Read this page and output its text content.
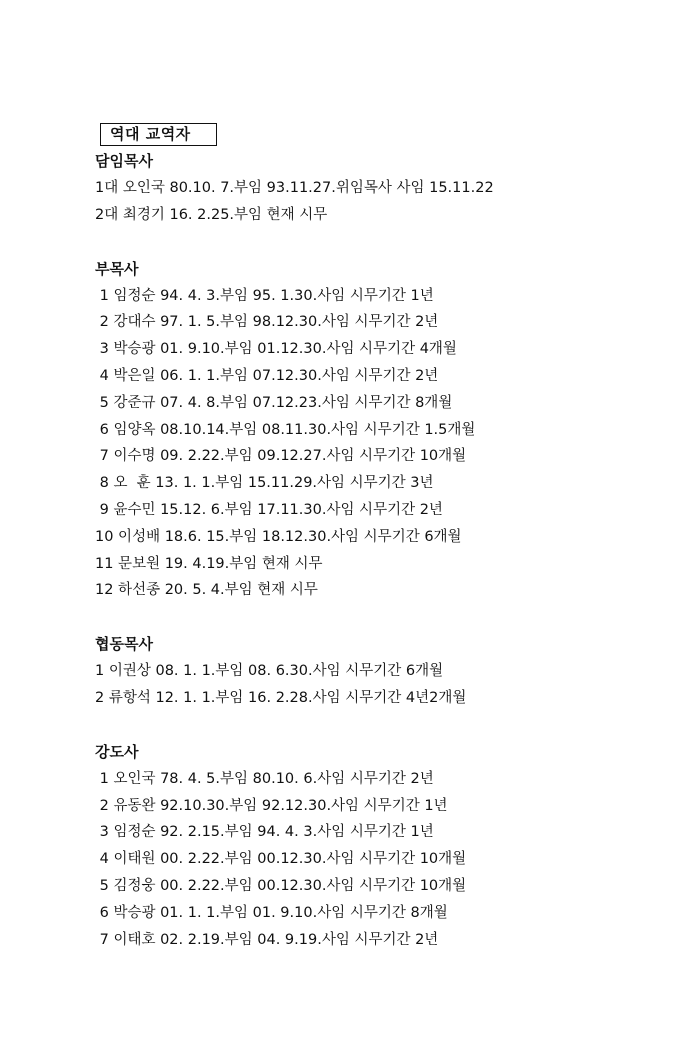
역대 교역자
담임목사
1대 오인국 80.10. 7.부임 93.11.27.위임목사 사임 15.11.22
2대 최경기 16. 2.25.부임 현재 시무
부목사
1 임정순 94. 4. 3.부임 95. 1.30.사임 시무기간 1년
2 강대수 97. 1. 5.부임 98.12.30.사임 시무기간 2년
3 박승광 01. 9.10.부임 01.12.30.사임 시무기간 4개월
4 박은일 06. 1. 1.부임 07.12.30.사임 시무기간 2년
5 강준규 07. 4. 8.부임 07.12.23.사임 시무기간 8개월
6 임양옥 08.10.14.부임 08.11.30.사임 시무기간 1.5개월
7 이수명 09. 2.22.부임 09.12.27.사임 시무기간 10개월
8 오  훈 13. 1. 1.부임 15.11.29.사임 시무기간 3년
9 윤수민 15.12. 6.부임 17.11.30.사임 시무기간 2년
10 이성배 18.6. 15.부임 18.12.30.사임 시무기간 6개월
11 문보원 19. 4.19.부임 현재 시무
12 하선종 20. 5. 4.부임 현재 시무
협동목사
1 이권상 08. 1. 1.부임 08. 6.30.사임 시무기간 6개월
2 류항석 12. 1. 1.부임 16. 2.28.사임 시무기간 4년2개월
강도사
1 오인국 78. 4. 5.부임 80.10. 6.사임 시무기간 2년
2 유동완 92.10.30.부임 92.12.30.사임 시무기간 1년
3 임정순 92. 2.15.부임 94. 4. 3.사임 시무기간 1년
4 이태원 00. 2.22.부임 00.12.30.사임 시무기간 10개월
5 김정웅 00. 2.22.부임 00.12.30.사임 시무기간 10개월
6 박승광 01. 1. 1.부임 01. 9.10.사임 시무기간 8개월
7 이태호 02. 2.19.부임 04. 9.19.사임 시무기간 2년
